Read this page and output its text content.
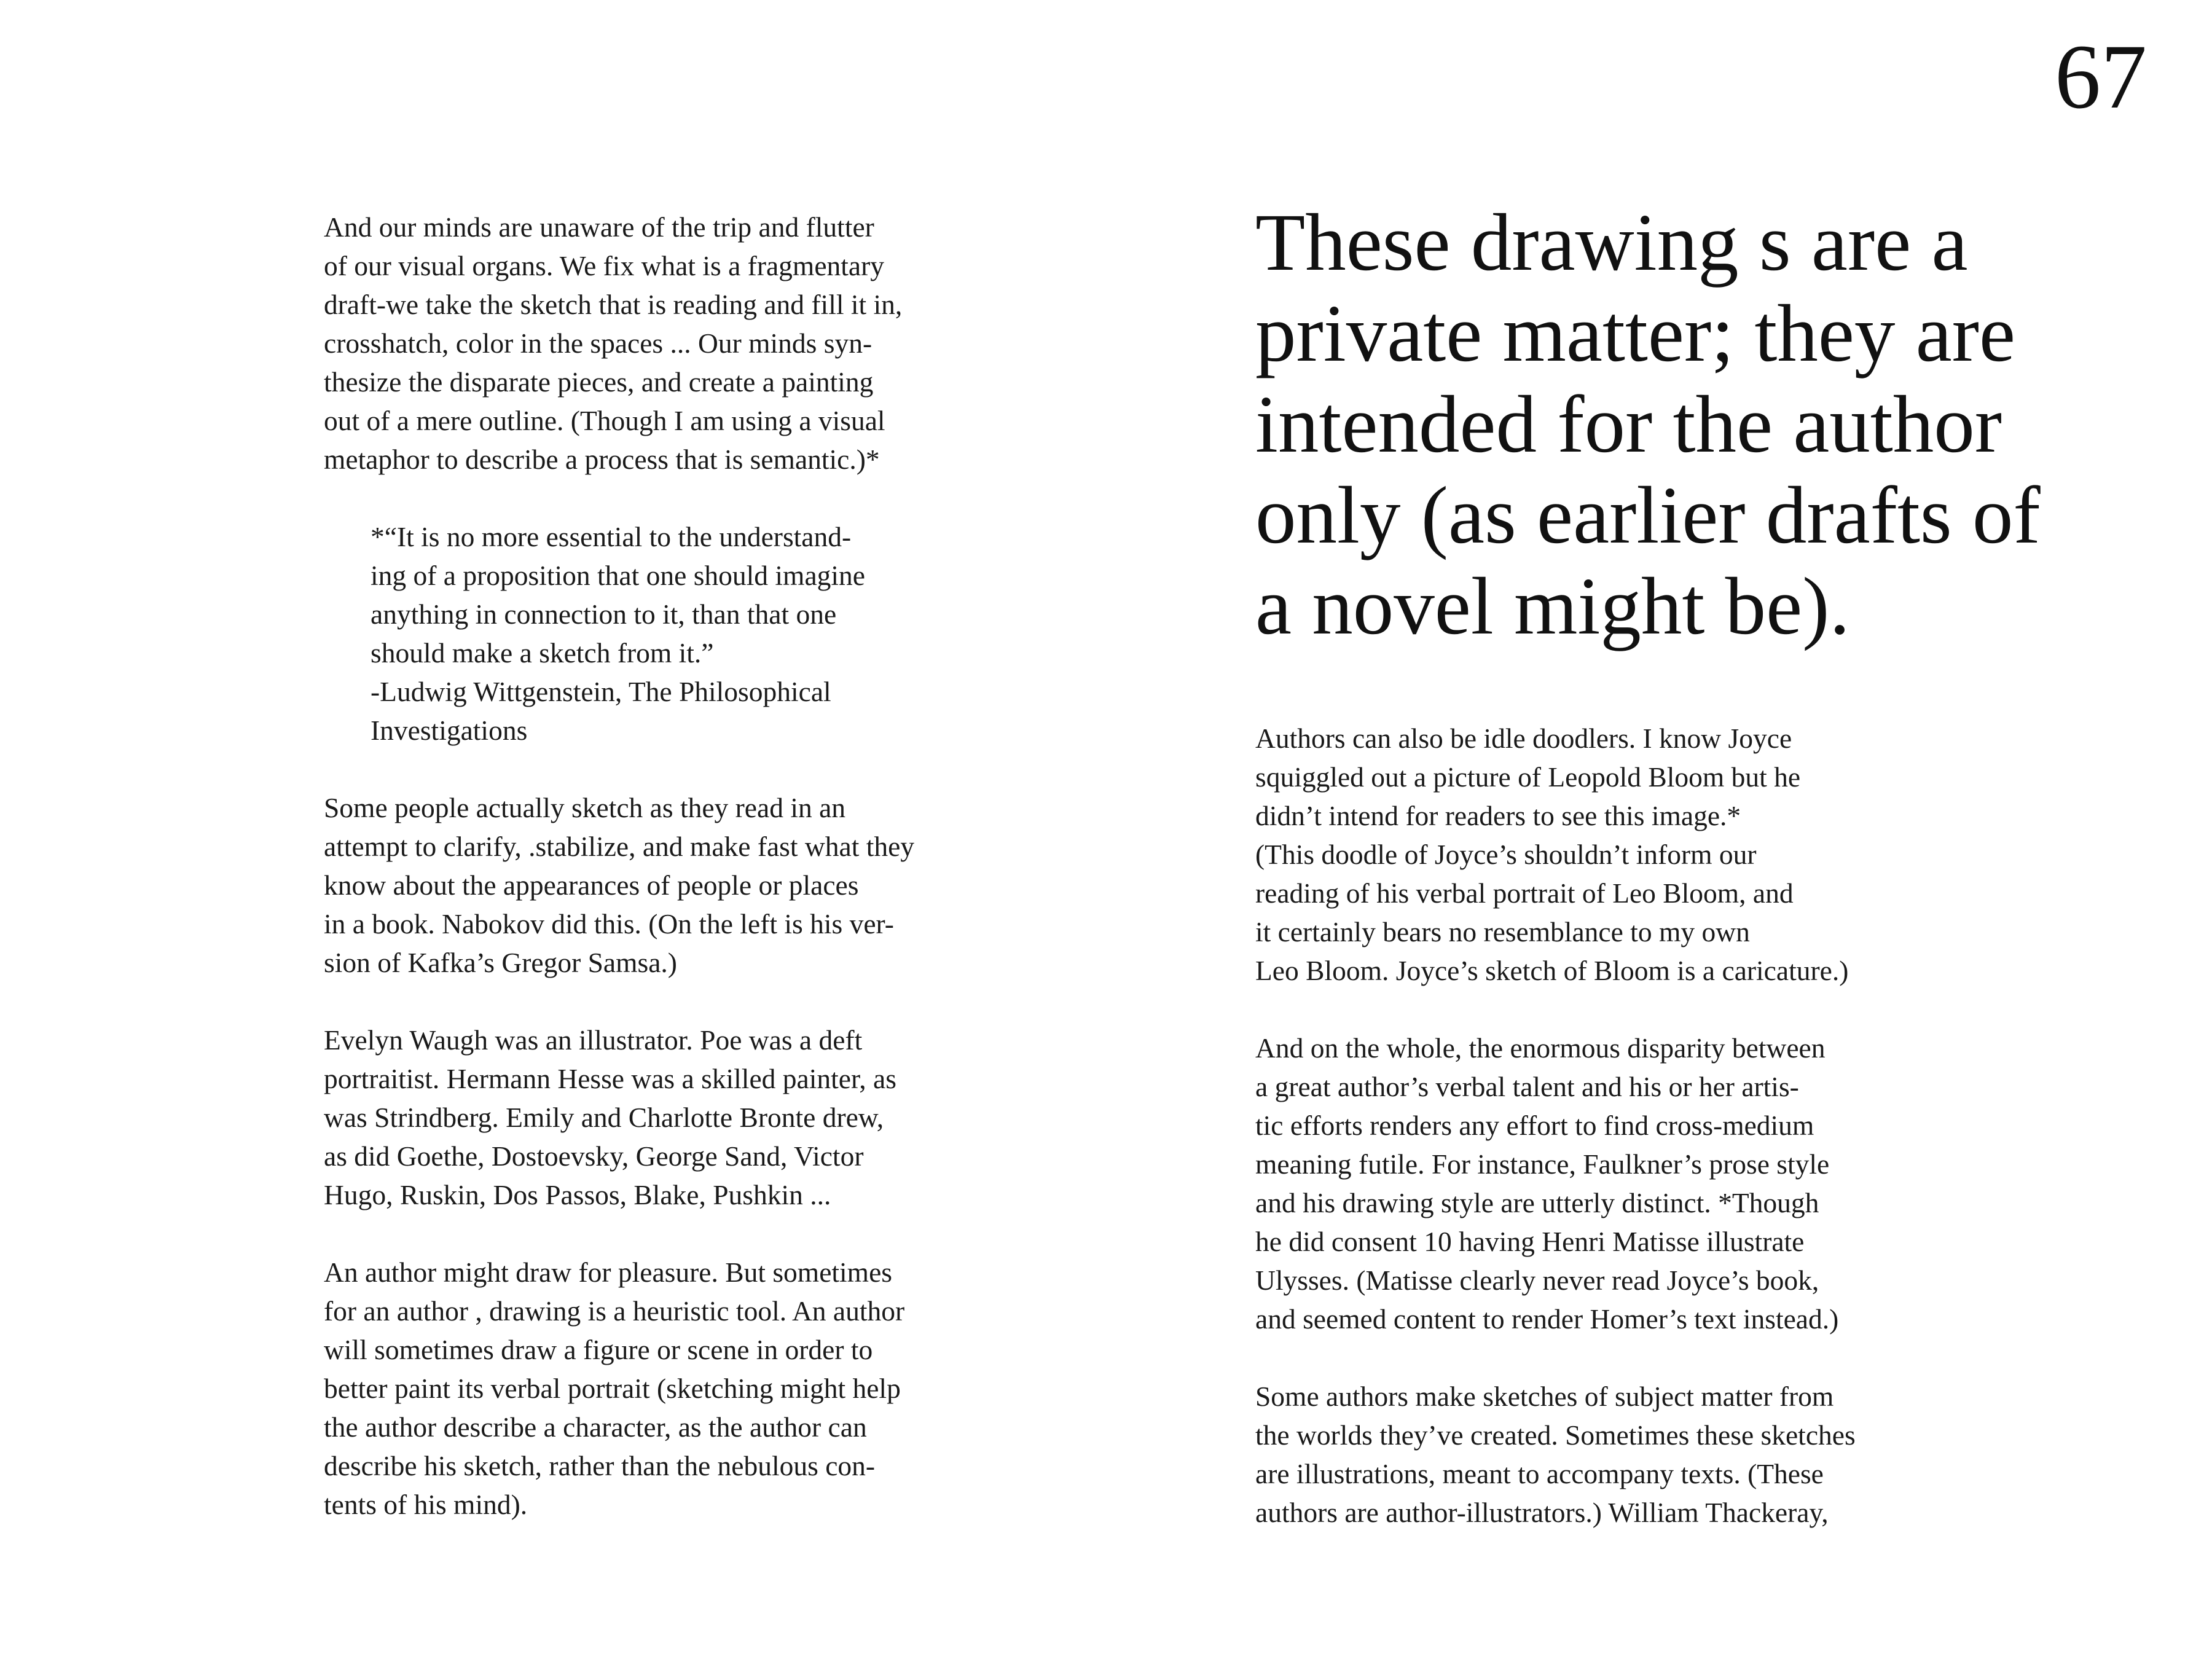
67
And our minds are unaware of the trip and flutter
of our visual organs. We fix what is a fragmentary
draft-we take the sketch that is reading and fill it in,
crosshatch, color in the spaces ... Our minds syn-
thesize the disparate pieces, and create a painting
out of a mere outline. (Though I am using a visual
metaphor to describe a process that is semantic.)*
*“It is no more essential to the understand-
ing of a proposition that one should imagine
anything in connection to it, than that one
should make a sketch from it.”
-Ludwig Wittgenstein, The Philosophical
Investigations
Some people actually sketch as they read in an
attempt to clarify, .stabilize, and make fast what they
know about the appearances of people or places
in a book. Nabokov did this. (On the left is his ver-
sion of Kafka’s Gregor Samsa.)
Evelyn Waugh was an illustrator. Poe was a deft
portraitist. Hermann Hesse was a skilled painter, as
was Strindberg. Emily and Charlotte Bronte drew,
as did Goethe, Dostoevsky, George Sand, Victor
Hugo, Ruskin, Dos Passos, Blake, Pushkin ...
An author might draw for pleasure. But sometimes
for an author , drawing is a heuristic tool. An author
will sometimes draw a figure or scene in order to
better paint its verbal portrait (sketching might help
the author describe a character, as the author can
describe his sketch, rather than the nebulous con-
tents of his mind).
These drawing s are a
private matter; they are
intended for the author
only (as earlier drafts of
a novel might be).
Authors can also be idle doodlers. I know Joyce
squiggled out a picture of Leopold Bloom but he
didn’t intend for readers to see this image.*
(This doodle of Joyce’s shouldn’t inform our
reading of his verbal portrait of Leo Bloom, and
it certainly bears no resemblance to my own
Leo Bloom. Joyce’s sketch of Bloom is a caricature.)
And on the whole, the enormous disparity between
a great author’s verbal talent and his or her artis-
tic efforts renders any effort to find cross-medium
meaning futile. For instance, Faulkner’s prose style
and his drawing style are utterly distinct. *Though
he did consent 10 having Henri Matisse illustrate
Ulysses. (Matisse clearly never read Joyce’s book,
and seemed content to render Homer’s text instead.)
Some authors make sketches of subject matter from
the worlds they’ve created. Sometimes these sketches
are illustrations, meant to accompany texts. (These
authors are author-illustrators.) William Thackeray,
